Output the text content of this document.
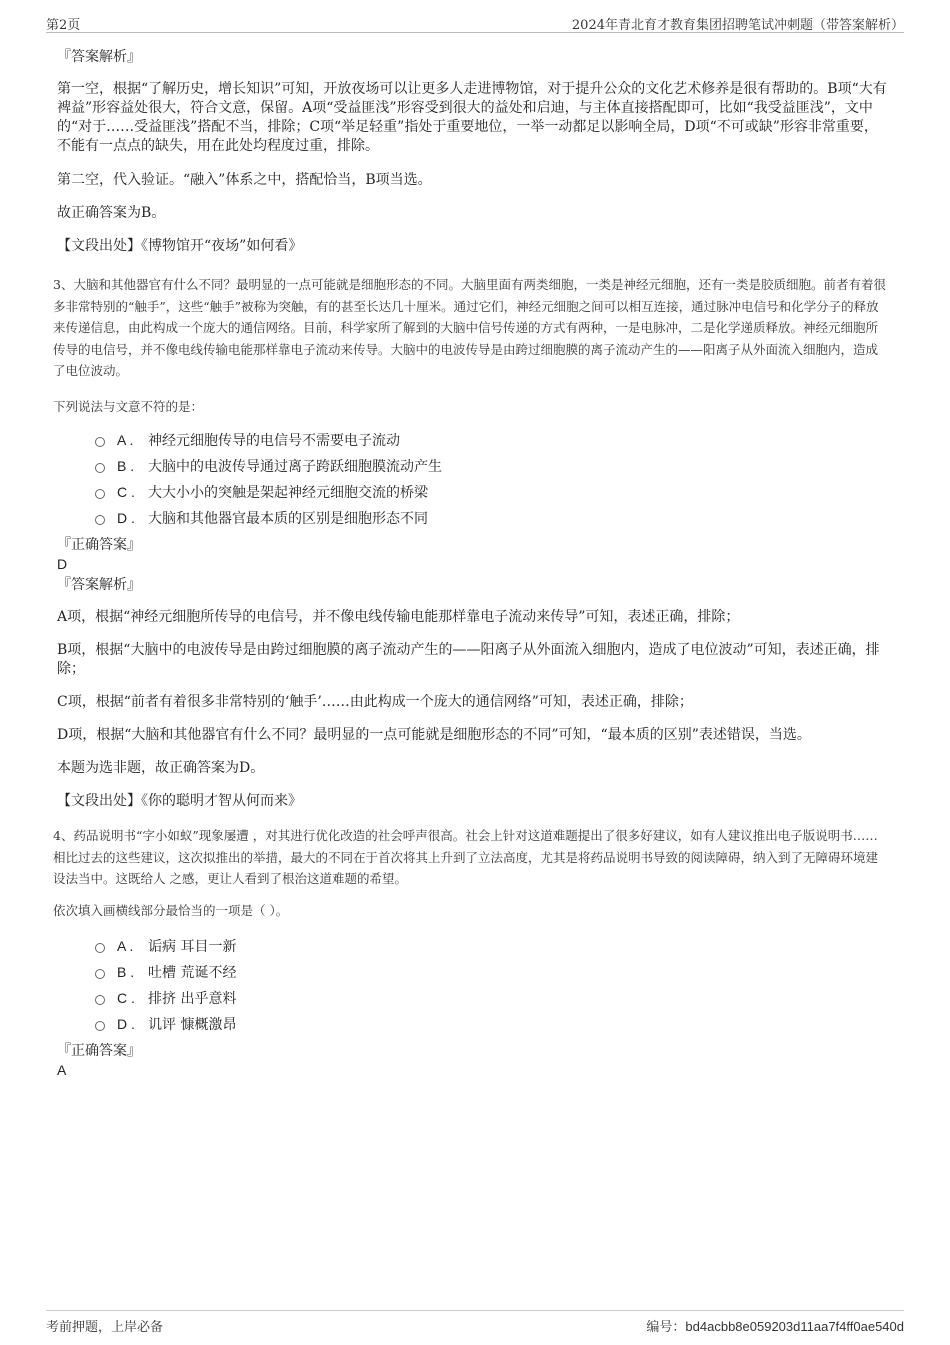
第2页	2024年青北育才教育集团招聘笔试冲刺题（带答案解析）

『答案解析』

第一空，根据“了解历史，增长知识”可知，开放夜场可以让更多人走进博物馆，对于提升公众的文化艺术修养是很有帮助的。B项“大有裨益”形容益处很大，符合文意，保留。A项“受益匪浅”形容受到很大的益处和启迪，与主体直接搭配即可，比如“我受益匪浅”，文中的“对于……受益匪浅”搭配不当，排除；C项“举足轻重”指处于重要地位，一举一动都足以影响全局，D项“不可或缺”形容非常重要，不能有一点点的缺失，用在此处均程度过重，排除。

第二空，代入验证。“融入”体系之中，搭配恰当，B项当选。

故正确答案为B。

【文段出处】《博物馆开“夜场”如何看》

3、大脑和其他器官有什么不同？最明显的一点可能就是细胞形态的不同。大脑里面有两类细胞，一类是神经元细胞，还有一类是胶质细胞。前者有着很多非常特别的“触手”，这些“触手”被称为突触，有的甚至长达几十厘米。通过它们，神经元细胞之间可以相互连接，通过脉冲电信号和化学分子的释放来传递信息，由此构成一个庞大的通信网络。目前，科学家所了解到的大脑中信号传递的方式有两种，一是电脉冲，二是化学递质释放。神经元细胞所传导的电信号，并不像电线传输电能那样靠电子流动来传导。大脑中的电波传导是由跨过细胞膜的离子流动产生的——阳离子从外面流入细胞内，造成了电位波动。

下列说法与文意不符的是：

A .	神经元细胞传导的电信号不需要电子流动
B . 大脑中的电波传导通过离子跨跃细胞膜流动产生
C . 大大小小的突触是架起神经元细胞交流的桥梁
D . 大脑和其他器官最本质的区别是细胞形态不同

『正确答案』

D

『答案解析』

A项，根据“神经元细胞所传导的电信号，并不像电线传输电能那样靠电子流动来传导”可知，表述正确，排除；

B项，根据“大脑中的电波传导是由跨过细胞膜的离子流动产生的——阳离子从外面流入细胞内，造成了电位波动”可知，表述正确，排除；

C项，根据“前者有着很多非常特别的‘触手’……由此构成一个庞大的通信网络”可知，表述正确，排除；

D项，根据“大脑和其他器官有什么不同？最明显的一点可能就是细胞形态的不同”可知，“最本质的区别”表述错误，当选。

本题为选非题，故正确答案为D。

【文段出处】《你的聪明才智从何而来》

4、药品说明书“字小如蚁”现象屡遭 ，对其进行优化改造的社会呼声很高。社会上针对这道难题提出了很多好建议，如有人建议推出电子版说明书……相比过去的这些建议，这次拟推出的举措，最大的不同在于首次将其上升到了立法高度，尤其是将药品说明书导致的阅读障碍，纳入到了无障碍环境建设法当中。这既给人 之感，更让人看到了根治这道难题的希望。

依次填入画横线部分最恰当的一项是（ ）。

A .	诟病 耳目一新
B . 吐槽 荒诞不经
C . 排挤 出乎意料
D . 讥评 慷概激昂

『正确答案』

A

考前押题，上岸必备	编号：bd4acbb8e059203d11aa7f4ff0ae540d
